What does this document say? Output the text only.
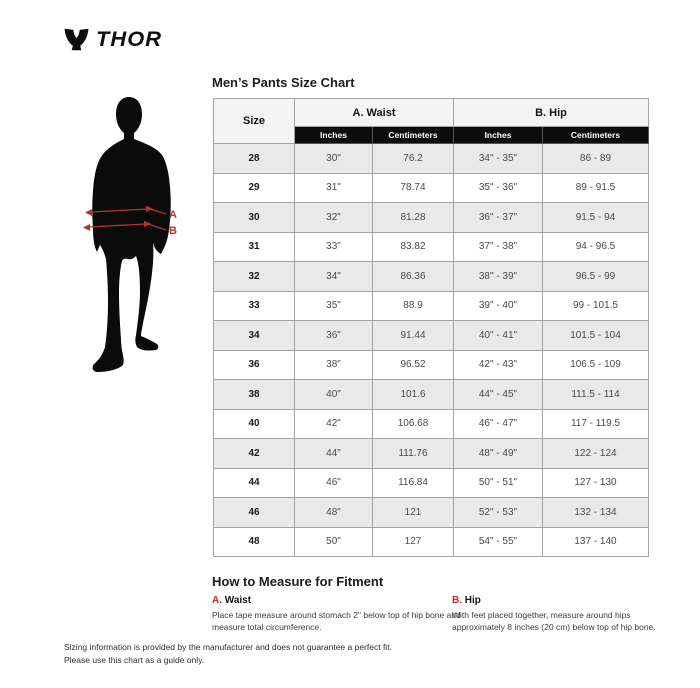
THOR
Men’s Pants Size Chart
A
B
Size	A. Waist		B. Hip	
	Inches	Centimeters	Inches	Centimeters
28	30"	76.2	34" - 35"	86 - 89
29	31"	78.74	35" - 36"	89 - 91.5
30	32"	81.28	36" - 37"	91.5 - 94
31	33"	83.82	37" - 38"	94 - 96.5
32	34"	86.36	38" - 39"	96.5 - 99
33	35"	88.9	39" - 40"	99 - 101.5
34	36"	91.44	40" - 41"	101.5 - 104
36	38"	96.52	42" - 43"	106.5 - 109
38	40"	101.6	44" - 45"	111.5 - 114
40	42"	106.68	46" - 47"	117 - 119.5
42	44"	111.76	48" - 49"	122 - 124
44	46"	116.84	50" - 51"	127 - 130
46	48"	121	52" - 53"	132 - 134
48	50"	127	54" - 55"	137 - 140
How to Measure for Fitment

A. Waist

Place tape measure around stomach 2" below top of hip bone and measure total circumference.

B. Hip

With feet placed together, measure around hips approximately 8 inches (20 cm) below top of hip bone.

Sizing information is provided by the manufacturer and does not guarantee a perfect fit. Please use this chart as a guide only.
